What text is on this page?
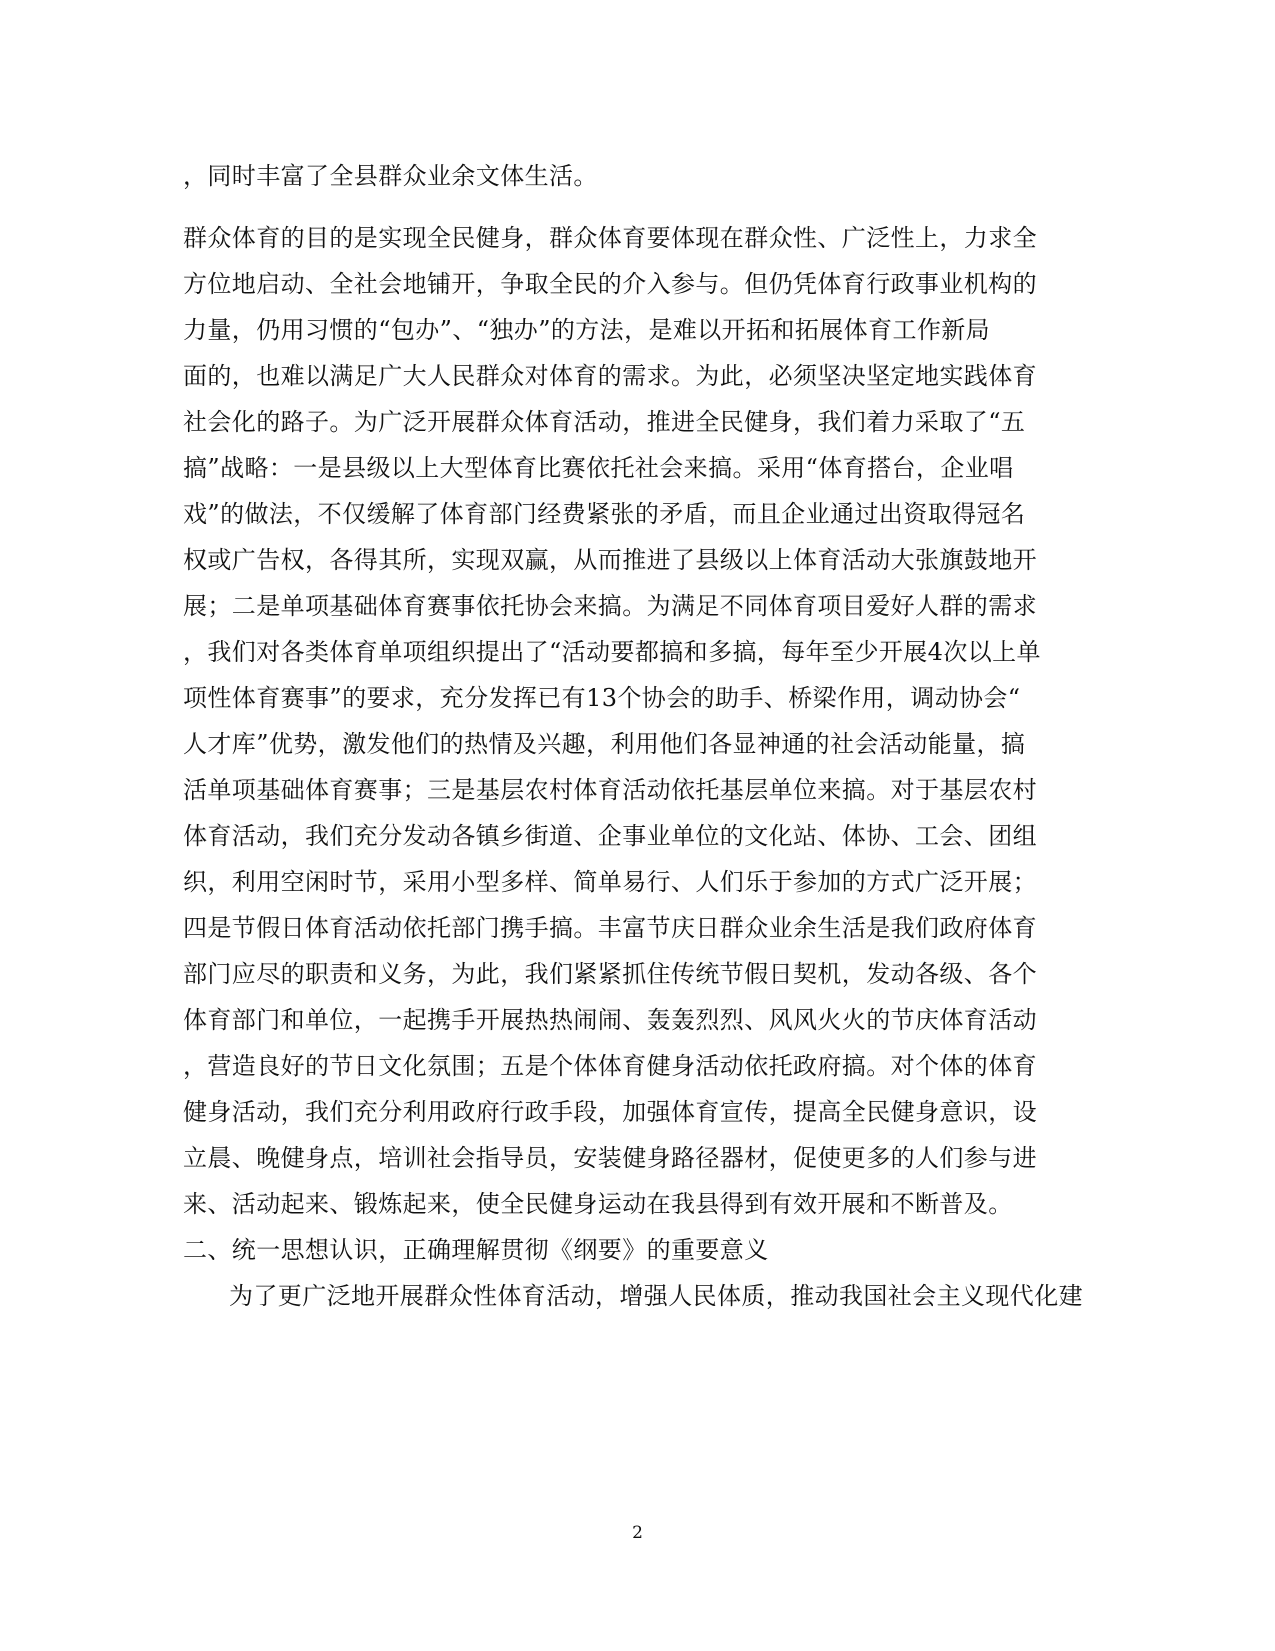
，同时丰富了全县群众业余文体生活。
群众体育的目的是实现全民健身，群众体育要体现在群众性、广泛性上，力求全
方位地启动、全社会地铺开，争取全民的介入参与。但仍凭体育行政事业机构的
力量，仍用习惯的“包办”、“独办”的方法，是难以开拓和拓展体育工作新局
面的，也难以满足广大人民群众对体育的需求。为此，必须坚决坚定地实践体育
社会化的路子。为广泛开展群众体育活动，推进全民健身，我们着力采取了“五
搞”战略：一是县级以上大型体育比赛依托社会来搞。采用“体育搭台，企业唱
戏”的做法，不仅缓解了体育部门经费紧张的矛盾，而且企业通过出资取得冠名
权或广告权，各得其所，实现双赢，从而推进了县级以上体育活动大张旗鼓地开
展；二是单项基础体育赛事依托协会来搞。为满足不同体育项目爱好人群的需求
，我们对各类体育单项组织提出了“活动要都搞和多搞，每年至少开展4次以上单
项性体育赛事”的要求，充分发挥已有13个协会的助手、桥梁作用，调动协会“
人才库”优势，激发他们的热情及兴趣，利用他们各显神通的社会活动能量，搞
活单项基础体育赛事；三是基层农村体育活动依托基层单位来搞。对于基层农村
体育活动，我们充分发动各镇乡街道、企事业单位的文化站、体协、工会、团组
织，利用空闲时节，采用小型多样、简单易行、人们乐于参加的方式广泛开展；
四是节假日体育活动依托部门携手搞。丰富节庆日群众业余生活是我们政府体育
部门应尽的职责和义务，为此，我们紧紧抓住传统节假日契机，发动各级、各个
体育部门和单位，一起携手开展热热闹闹、轰轰烈烈、风风火火的节庆体育活动
，营造良好的节日文化氛围；五是个体体育健身活动依托政府搞。对个体的体育
健身活动，我们充分利用政府行政手段，加强体育宣传，提高全民健身意识，设
立晨、晚健身点，培训社会指导员，安装健身路径器材，促使更多的人们参与进
来、活动起来、锻炼起来，使全民健身运动在我县得到有效开展和不断普及。
二、统一思想认识，正确理解贯彻《纲要》的重要意义
为了更广泛地开展群众性体育活动，增强人民体质，推动我国社会主义现代化建
2
